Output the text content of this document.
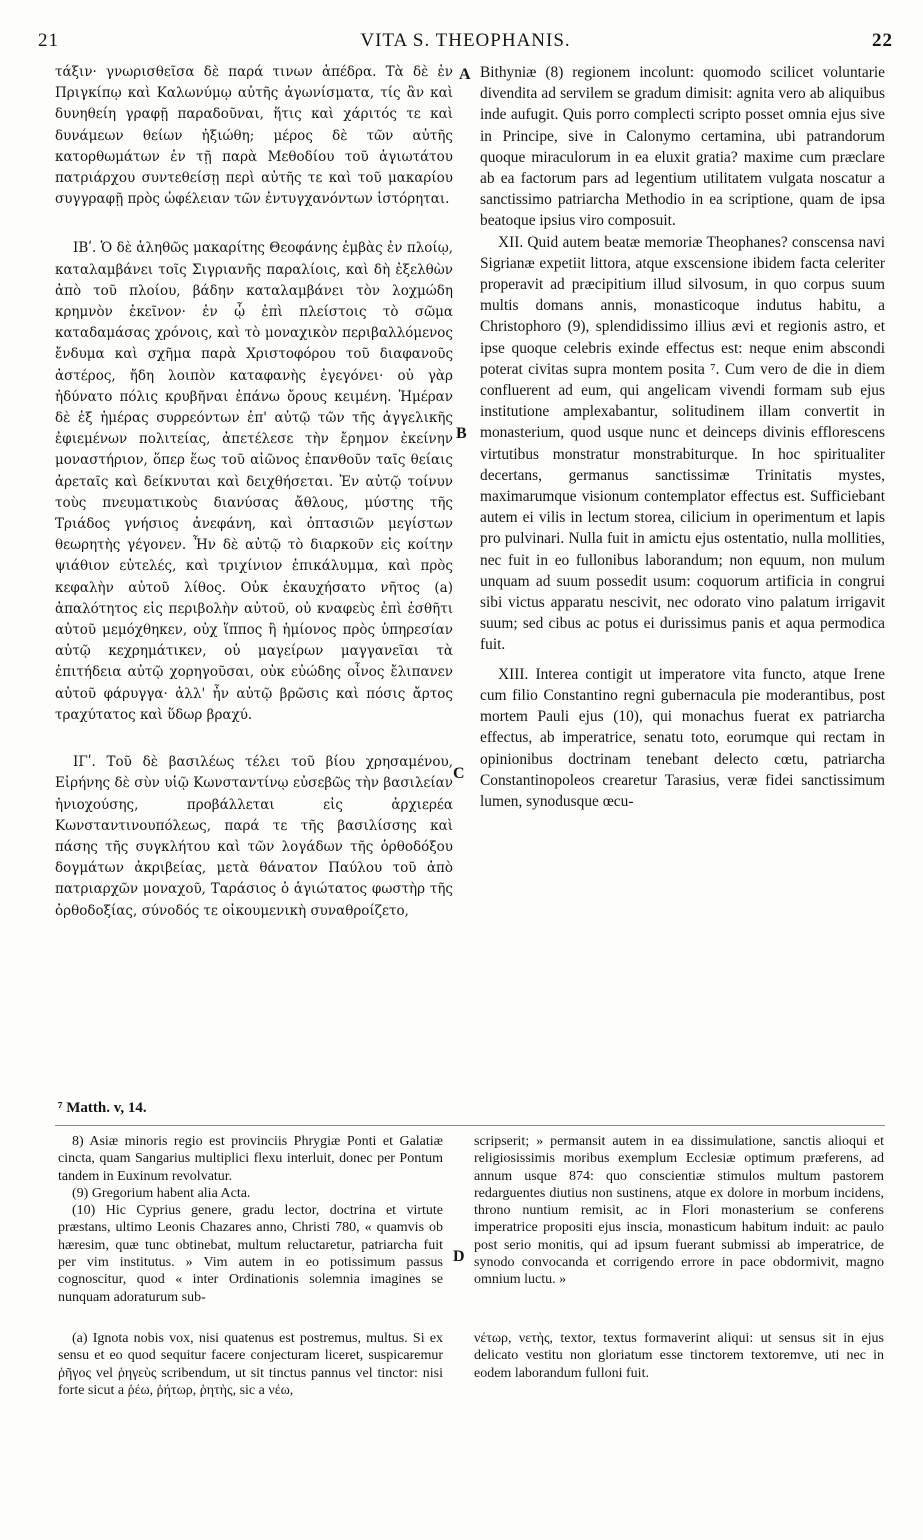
21	VITA S. THEOPHANIS.	22
A
B
C
D

τάξιν· γνωρισθεῖσα δὲ παρά τινων ἀπέδρα. Τὰ δὲ ἐν Πριγκίπῳ καὶ Καλωνύμῳ αὐτῆς ἀγωνίσματα, τίς ἂν καὶ δυνηθείη γραφῇ παραδοῦναι, ἥτις καὶ χάριτός τε καὶ δυνάμεων θείων ἠξιώθη; μέρος δὲ τῶν αὐτῆς κατορθωμάτων ἐν τῇ παρὰ Μεθοδίου τοῦ ἁγιωτάτου πατριάρχου συντεθείσῃ περὶ αὐτῆς τε καὶ τοῦ μακαρίου συγγραφῇ πρὸς ὠφέλειαν τῶν ἐντυγχανόντων ἱστόρηται.

ΙΒʹ. Ὁ δὲ ἀληθῶς μακαρίτης Θεοφάνης ἐμβὰς ἐν πλοίῳ, καταλαμβάνει τοῖς Σιγριανῆς παραλίοις, καὶ δὴ ἐξελθὼν ἀπὸ τοῦ πλοίου, βάδην καταλαμβάνει τὸν λοχμώδη κρημνὸν ἐκεῖνον· ἐν ᾧ ἐπὶ πλείστοις τὸ σῶμα καταδαμάσας χρόνοις, καὶ τὸ μοναχικὸν περιβαλλόμενος ἔνδυμα καὶ σχῆμα παρὰ Χριστοφόρου τοῦ διαφανοῦς ἀστέρος, ἤδη λοιπὸν καταφανὴς ἐγεγόνει· οὐ γὰρ ἠδύνατο πόλις κρυβῆναι ἐπάνω ὄρους κειμένη. Ἡμέραν δὲ ἐξ ἡμέρας συρρεόντων ἐπ' αὐτῷ τῶν τῆς ἀγγελικῆς ἐφιεμένων πολιτείας, ἀπετέλεσε τὴν ἔρημον ἐκείνην μοναστήριον, ὅπερ ἕως τοῦ αἰῶνος ἐπανθοῦν ταῖς θείαις ἀρεταῖς καὶ δείκνυται καὶ δειχθήσεται. Ἐν αὐτῷ τοίνυν τοὺς πνευματικοὺς διανύσας ἄθλους, μύστης τῆς Τριάδος γνήσιος ἀνεφάνη, καὶ ὀπτασιῶν μεγίστων θεωρητὴς γέγονεν. Ἦν δὲ αὐτῷ τὸ διαρκοῦν εἰς κοίτην ψιάθιον εὐτελές, καὶ τριχίνιον ἐπικάλυμμα, καὶ πρὸς κεφαλὴν αὐτοῦ λίθος. Οὐκ ἐκαυχήσατο νῆτος (a) ἀπαλότητος εἰς περιβολὴν αὐτοῦ, οὐ κναφεὺς ἐπὶ ἐσθῆτι αὐτοῦ μεμόχθηκεν, οὐχ ἵππος ἢ ἡμίονος πρὸς ὑπηρεσίαν αὐτῷ κεχρημάτικεν, οὐ μαγείρων μαγγανεῖαι τὰ ἐπιτήδεια αὐτῷ χορηγοῦσαι, οὐκ εὐώδης οἶνος ἔλιπανεν αὐτοῦ φάρυγγα· ἀλλ' ἦν αὐτῷ βρῶσις καὶ πόσις ἄρτος τραχύτατος καὶ ὕδωρ βραχύ.

ΙΓʹ. Τοῦ δὲ βασιλέως τέλει τοῦ βίου χρησαμένου, Εἰρήνης δὲ σὺν υἱῷ Κωνσταντίνῳ εὐσεβῶς τὴν βασιλείαν ἡνιοχούσης, προβάλλεται εἰς ἀρχιερέα Κωνσταντινουπόλεως, παρά τε τῆς βασιλίσσης καὶ πάσης τῆς συγκλήτου καὶ τῶν λογάδων τῆς ὀρθοδόξου δογμάτων ἀκριβείας, μετὰ θάνατον Παύλου τοῦ ἀπὸ πατριαρχῶν μοναχοῦ, Ταράσιος ὁ ἁγιώτατος φωστὴρ τῆς ὀρθοδοξίας, σύνοδός τε οἰκουμενικὴ συναθροίζετο,

Bithyniæ (8) regionem incolunt: quomodo scilicet voluntarie divendita ad servilem se gradum dimisit: agnita vero ab aliquibus inde aufugit. Quis porro complecti scripto posset omnia ejus sive in Principe, sive in Calonymo certamina, ubi patrandorum quoque miraculorum in ea eluxit gratia? maxime cum præclare ab ea factorum pars ad legentium utilitatem vulgata noscatur a sanctissimo patriarcha Methodio in ea scriptione, quam de ipsa beatoque ipsius viro composuit.

XII. Quid autem beatæ memoriæ Theophanes? conscensa navi Sigrianæ expetiit littora, atque exscensione ibidem facta celeriter properavit ad præcipitium illud silvosum, in quo corpus suum multis domans annis, monasticoque indutus habitu, a Christophoro (9), splendidissimo illius ævi et regionis astro, et ipse quoque celebris exinde effectus est: neque enim abscondi poterat civitas supra montem posita ⁷. Cum vero de die in diem confluerent ad eum, qui angelicam vivendi formam sub ejus institutione amplexabantur, solitudinem illam convertit in monasterium, quod usque nunc et deinceps divinis efflorescens virtutibus monstratur monstrabiturque. In hoc spiritualiter decertans, germanus sanctissimæ Trinitatis mystes, maximarumque visionum contemplator effectus est. Sufficiebant autem ei vilis in lectum storea, cilicium in operimentum et lapis pro pulvinari. Nulla fuit in amictu ejus ostentatio, nulla mollities, nec fuit in eo fullonibus laborandum; non equum, non mulum unquam ad suum possedit usum: coquorum artificia in congrui sibi victus apparatu nescivit, nec odorato vino palatum irrigavit suum; sed cibus ac potus ei durissimus panis et aqua permodica fuit.

XIII. Interea contigit ut imperatore vita functo, atque Irene cum filio Constantino regni gubernacula pie moderantibus, post mortem Pauli ejus (10), qui monachus fuerat ex patriarcha effectus, ab imperatrice, senatu toto, eorumque qui rectam in opinionibus doctrinam tenebant delecto cœtu, patriarcha Constantinopoleos crearetur Tarasius, veræ fidei sanctissimum lumen, synodusque œcu-

⁷ Matth. v, 14.

8) Asiæ minoris regio est provinciis Phrygiæ Ponti et Galatiæ cincta, quam Sangarius multiplici flexu interluit, donec per Pontum tandem in Euxinum revolvatur.

(9) Gregorium habent alia Acta.

(10) Hic Cyprius genere, gradu lector, doctrina et virtute præstans, ultimo Leonis Chazares anno, Christi 780, « quamvis ob hæresim, quæ tunc obtinebat, multum reluctaretur, patriarcha fuit per vim institutus. » Vim autem in eo potissimum passus cognoscitur, quod « inter Ordinationis solemnia imagines se nunquam adoraturum sub-

scripserit; » permansit autem in ea dissimulatione, sanctis alioqui et religiosissimis moribus exemplum Ecclesiæ optimum præferens, ad annum usque 874: quo conscientiæ stimulos multum pastorem redarguentes diutius non sustinens, atque ex dolore in morbum incidens, throno nuntium remisit, ac in Flori monasterium se conferens imperatrice propositi ejus inscia, monasticum habitum induit: ac paulo post serio monitis, qui ad ipsum fuerant submissi ab imperatrice, de synodo convocanda et corrigendo errore in pace obdormivit, magno omnium luctu. »

(a) Ignota nobis vox, nisi quatenus est postremus, multus. Si ex sensu et eo quod sequitur facere conjecturam liceret, suspicaremur ῥῆγος vel ῥηγεὺς scribendum, ut sit tinctus pannus vel tinctor: nisi forte sicut a ῥέω, ῥήτωρ, ῥητὴς, sic a νέω,

νέτωρ, νετὴς, textor, textus formaverint aliqui: ut sensus sit in ejus delicato vestitu non gloriatum esse tinctorem textoremve, uti nec in eodem laborandum fulloni fuit.
